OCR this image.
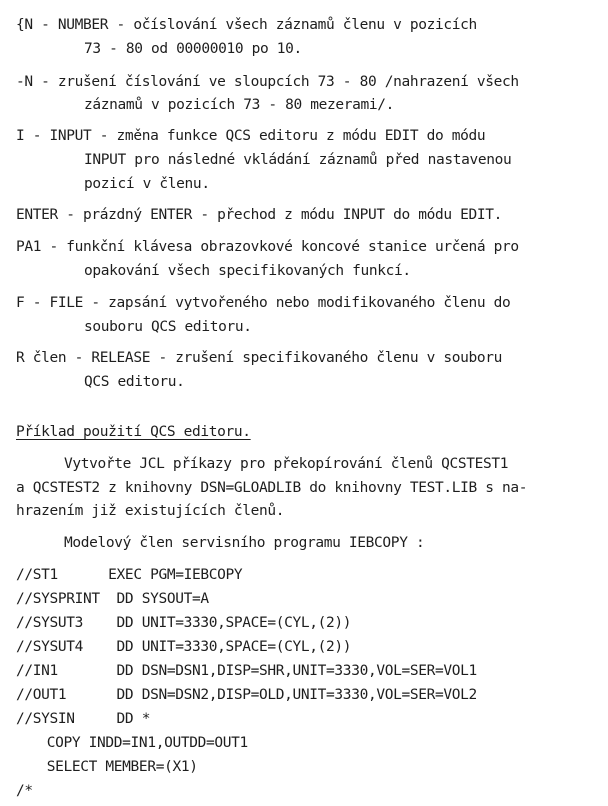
{N - NUMBER - očíslování všech záznamů členu v pozicích
73 - 80 od 00000010 po 10.
-N - zrušení číslování ve sloupcích 73 - 80 /nahrazení všech
záznamů v pozicích 73 - 80 mezerami/.
I - INPUT - změna funkce QCS editoru z módu EDIT do módu
INPUT pro následné vkládání záznamů před nastavenou
pozicí v členu.
ENTER - prázdný ENTER - přechod z módu INPUT do módu EDIT.
PA1 - funkční klávesa obrazovkové koncové stanice určená pro
opakování všech specifikovaných funkcí.
F - FILE - zapsání vytvořeného nebo modifikovaného členu do
souboru QCS editoru.
R člen - RELEASE - zrušení specifikovaného členu v souboru
QCS editoru.
Příklad použití QCS editoru.
Vytvořte JCL příkazy pro překopírování členů QCSTEST1
a QCSTEST2 z knihovny DSN=GLOADLIB do knihovny TEST.LIB s na-
hrazením již existujících členů.
Modelový člen servisního programu IEBCOPY :
//ST1      EXEC PGM=IEBCOPY
//SYSPRINT  DD SYSOUT=A
//SYSUT3    DD UNIT=3330,SPACE=(CYL,(2))
//SYSUT4    DD UNIT=3330,SPACE=(CYL,(2))
//IN1       DD DSN=DSN1,DISP=SHR,UNIT=3330,VOL=SER=VOL1
//OUT1      DD DSN=DSN2,DISP=OLD,UNIT=3330,VOL=SER=VOL2
//SYSIN     DD *
COPY INDD=IN1,OUTDD=OUT1
SELECT MEMBER=(X1)
/*
